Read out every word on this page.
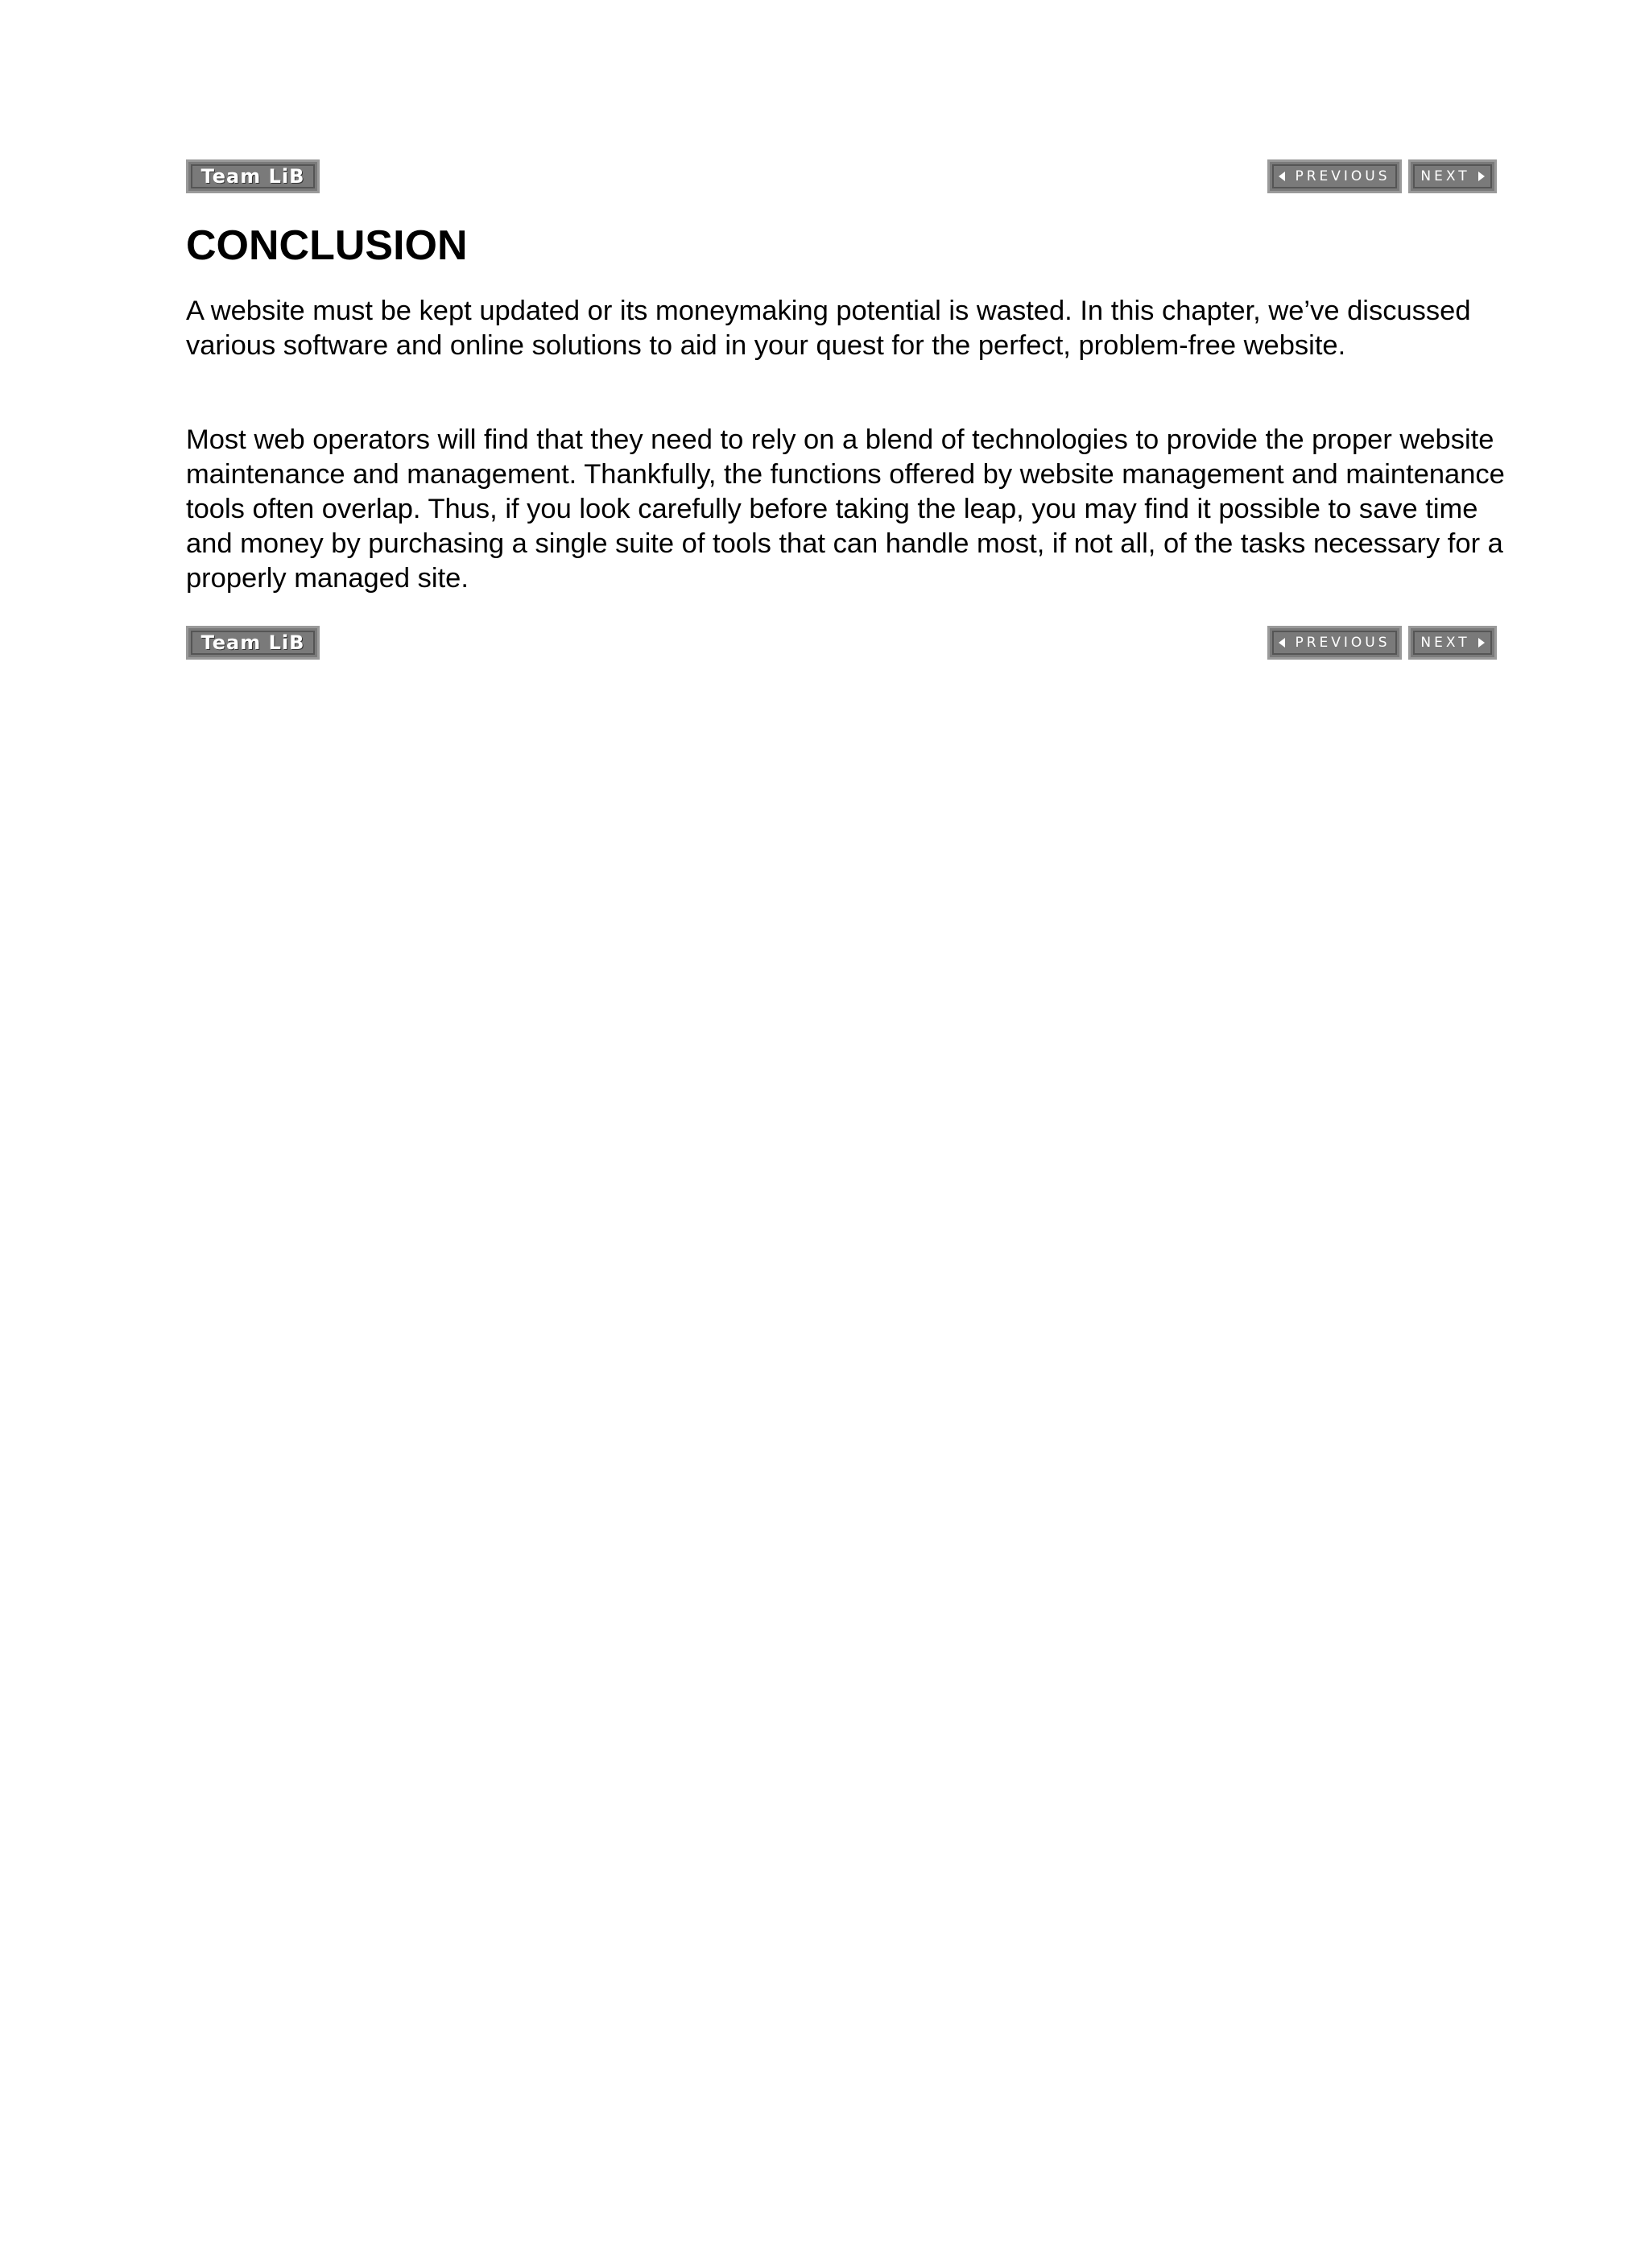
Team LiB	PREVIOUS NEXT
CONCLUSION

A website must be kept updated or its moneymaking potential is wasted. In this chapter, we’ve discussed various software and online solutions to aid in your quest for the perfect, problem-free website.

Most web operators will find that they need to rely on a blend of technologies to provide the proper website maintenance and management. Thankfully, the functions offered by website management and maintenance tools often overlap. Thus, if you look carefully before taking the leap, you may find it possible to save time and money by purchasing a single suite of tools that can handle most, if not all, of the tasks necessary for a properly managed site.

Team LiB	PREVIOUS NEXT
